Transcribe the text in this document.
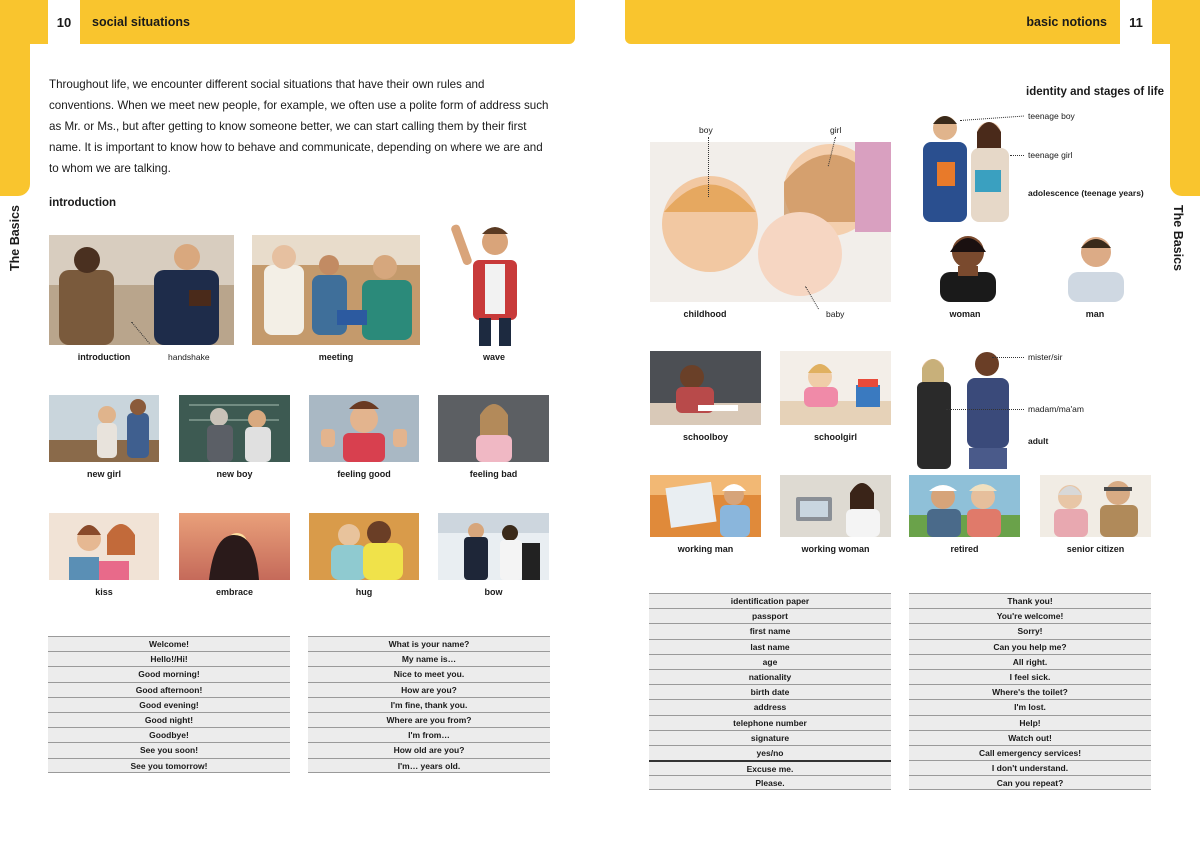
10	social situations	11
basic notions
The Basics	The Basics

Throughout life, we encounter different social situations that have their own rules and conventions. When we meet new people, for example, we often use a polite form of address such as Mr. or Ms., but after getting to know someone better, we can start calling them by their first name. It is important to know how to behave and communicate, depending on where we are and to whom we are talking.

introduction
introduction	handshake	meeting	wave
new girl	new boy	feeling good	feeling bad
kiss	embrace	hug	bow
Welcome!
Hello!/Hi!
Good morning!
Good afternoon!
Good evening!
Good night!
Goodbye!
See you soon!
See you tomorrow!
What is your name?
My name is…
Nice to meet you.
How are you?
I'm fine, thank you.
Where are you from?
I'm from…
How old are you?
I'm… years old.
identity and stages of life
boy	girl
childhood	baby
teenage boy
teenage girl
adolescence (teenage years)
woman	man
schoolboy	schoolgirl
mister/sir
madam/ma'am
adult
working man	working woman	retired	senior citizen
identification paper
passport
first name
last name
age
nationality
birth date
address
telephone number
signature
yes/no
Excuse me.
Please.
Thank you!
You're welcome!
Sorry!
Can you help me?
All right.
I feel sick.
Where's the toilet?
I'm lost.
Help!
Watch out!
Call emergency services!
I don't understand.
Can you repeat?
